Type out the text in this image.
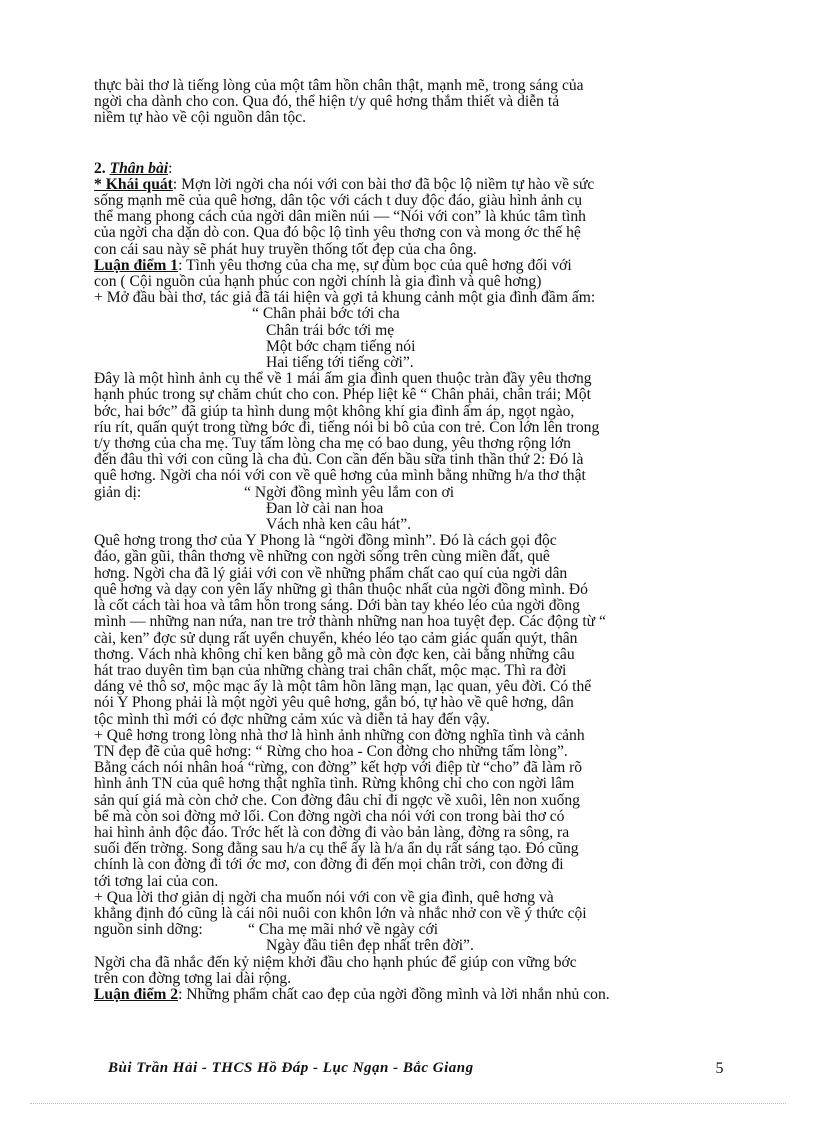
thực bài thơ là tiếng lòng của một tâm hồn chân thật, mạnh mẽ, trong sáng của

ngời cha dành cho con. Qua đó, thể hiện t/y quê hơng thắm thiết và diễn tả

niềm tự hào về cội nguồn dân tộc.

2. Thân bài:

* Khái quát: Mợn lời ngời cha nói với con bài thơ đã bộc lộ niềm tự hào về sức

sống mạnh mẽ của quê hơng, dân tộc với cách t duy độc đáo, giàu hình ảnh cụ

thể mang phong cách của ngời dân miền núi — “Nói với con” là khúc tâm tình

của ngời cha dặn dò con. Qua đó bộc lộ tình yêu thơng con và mong ớc thế hệ

con cái sau này sẽ phát huy truyền thống tốt đẹp của cha ông.

Luận điểm 1: Tình yêu thơng của cha mẹ, sự đùm bọc của quê hơng đối với

con ( Cội nguồn của hạnh phúc con ngời chính là gia đình và quê hơng)

+ Mở đầu bài thơ, tác giả đã tái hiện và gợi tả khung cảnh một gia đình đầm ấm:

“ Chân phải bớc tới cha

Chân trái bớc tới mẹ

Một bớc chạm tiếng nói

Hai tiếng tới tiếng cời”.

Đây là một hình ảnh cụ thể về 1 mái ấm gia đình quen thuộc tràn đầy yêu thơng

hạnh phúc trong sự chăm chút cho con. Phép liệt kê “ Chân phải, chân trái; Một

bớc, hai bớc” đã giúp ta hình dung một không khí gia đình ấm áp, ngọt ngào,

ríu rít, quấn quýt trong từng bớc đi, tiếng nói bi bô của con trẻ. Con lớn lên trong

t/y thơng của cha mẹ. Tuy tấm lòng cha mẹ có bao dung, yêu thơng rộng lớn

đến đâu thì với con cũng là cha đủ. Con cần đến bầu sữa tinh thần thứ 2: Đó là

quê hơng. Ngời cha nói với con về quê hơng của mình bằng những h/a thơ thật

giản dị:	“ Ngời đồng mình yêu lắm con ơi

Đan lờ cài nan hoa

Vách nhà ken câu hát”.

Quê hơng trong thơ của Y Phong là “ngời đồng mình”. Đó là cách gọi độc

đáo, gần gũi, thân thơng về những con ngời sống trên cùng miền đất, quê

hơng. Ngời cha đã lý giải với con về những phẩm chất cao quí của ngời dân

quê hơng và dạy con yên lấy những gì thân thuộc nhất của ngời đồng mình. Đó

là cốt cách tài hoa và tâm hồn trong sáng. Dới bàn tay khéo léo của ngời đồng

mình — những nan nứa, nan tre trở thành những nan hoa tuyệt đẹp. Các động từ “

cài, ken” đợc sử dụng rất uyển chuyển, khéo léo tạo cảm giác quấn quýt, thân

thơng. Vách nhà không chỉ ken bằng gỗ mà còn đợc ken, cài bằng những câu

hát trao duyên tìm bạn của những chàng trai chân chất, mộc mạc. Thì ra đời

dáng vẻ thô sơ, mộc mạc ấy là một tâm hồn lãng mạn, lạc quan, yêu đời. Có thể

nói Y Phong phải là một ngời yêu quê hơng, gắn bó, tự hào về quê hơng, dân

tộc mình thì mới có đợc những cảm xúc và diễn tả hay đến vậy.

+ Quê hơng trong lòng nhà thơ là hình ảnh những con đờng nghĩa tình và cảnh

TN đẹp đẽ của quê hơng: “ Rừng cho hoa - Con đờng cho những tấm lòng”.

Bằng cách nói nhân hoá “rừng, con đờng” kết hợp với điệp từ “cho” đã làm rõ

hình ảnh TN của quê hơng thật nghĩa tình. Rừng không chỉ cho con ngời lâm

sản quí giá mà còn chở che. Con đờng đâu chỉ đi ngợc về xuôi, lên non xuống

bể mà còn soi đờng mở lối. Con đờng ngời cha nói với con trong bài thơ có

hai hình ảnh độc đáo. Trớc hết là con đờng đi vào bản làng, đờng ra sông, ra

suối đến trờng. Song đằng sau h/a cụ thể ấy là h/a ẩn dụ rất sáng tạo. Đó cũng

chính là con đờng đi tới ớc mơ, con đờng đi đến mọi chân trời, con đờng đi

tới tơng lai của con.

+ Qua lời thơ giản dị ngời cha muốn nói với con về gia đình, quê hơng và

khẳng định đó cũng là cái nôi nuôi con khôn lớn và nhắc nhở con về ý thức cội

nguồn sinh dỡng:	“ Cha mẹ mãi nhớ về ngày cới

Ngày đầu tiên đẹp nhất trên đời”.

Ngời cha đã nhắc đến kỷ niệm khởi đầu cho hạnh phúc để giúp con vững bớc

trên con đờng tơng lai dài rộng.

Luận điểm 2: Những phẩm chất cao đẹp của ngời đồng mình và lời nhắn nhủ con.

Bùi Trần Hải - THCS Hồ Đáp - Lục Ngạn - Bắc Giang	5
